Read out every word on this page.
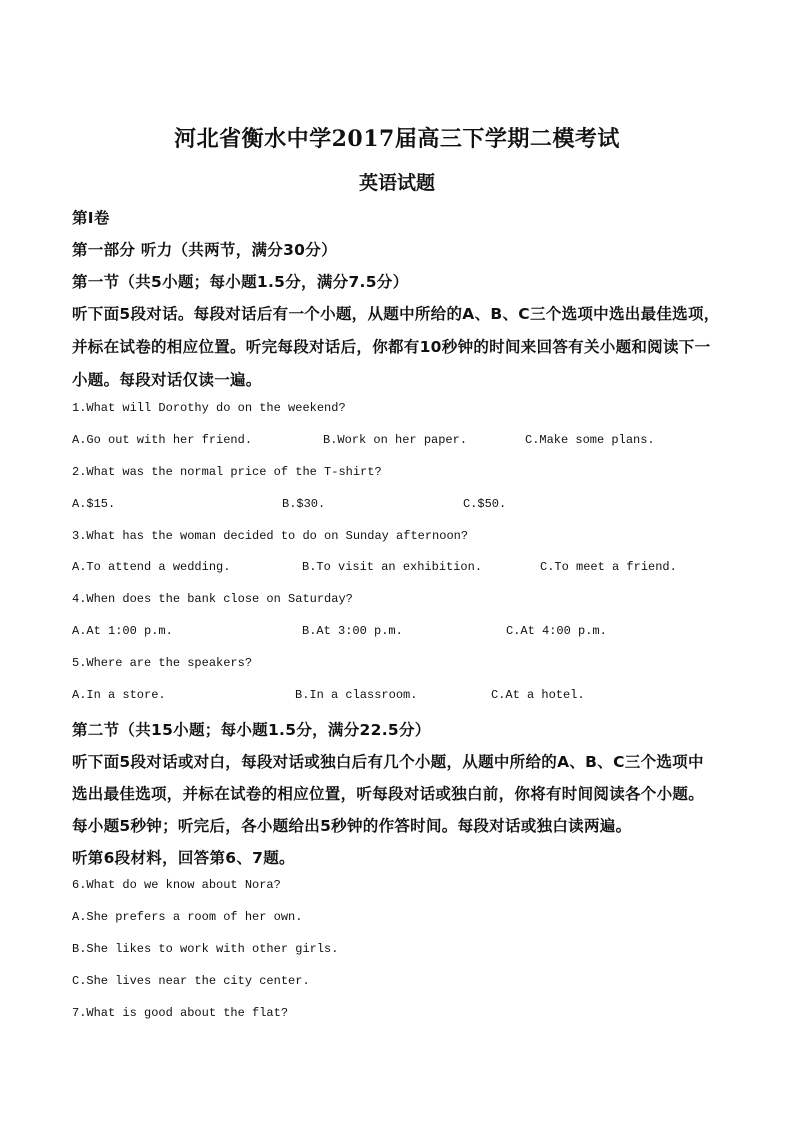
河北省衡水中学2017届高三下学期二模考试
英语试题
第Ⅰ卷
第一部分 听力（共两节，满分30分）
第一节（共5小题；每小题1.5分，满分7.5分）
听下面5段对话。每段对话后有一个小题，从题中所给的A、B、C三个选项中选出最佳选项，
并标在试卷的相应位置。听完每段对话后，你都有10秒钟的时间来回答有关小题和阅读下一
小题。每段对话仅读一遍。
1.What will Dorothy do on the weekend?
A.Go out with her friend.	B.Work on her paper.	C.Make some plans.
2.What was the normal price of the T-shirt?
A.$15.	B.$30.	C.$50.
3.What has the woman decided to do on Sunday afternoon?
A.To attend a wedding.	B.To visit an exhibition.	C.To meet a friend.
4.When does the bank close on Saturday?
A.At 1:00 p.m.	B.At 3:00 p.m.	C.At 4:00 p.m.
5.Where are the speakers?
A.In a store.	B.In a classroom.	C.At a hotel.
第二节（共15小题；每小题1.5分，满分22.5分）
听下面5段对话或对白，每段对话或独白后有几个小题，从题中所给的A、B、C三个选项中
选出最佳选项，并标在试卷的相应位置，听每段对话或独白前，你将有时间阅读各个小题。
每小题5秒钟；听完后，各小题给出5秒钟的作答时间。每段对话或独白读两遍。
听第6段材料，回答第6、7题。
6.What do we know about Nora?
A.She prefers a room of her own.
B.She likes to work with other girls.
C.She lives near the city center.
7.What is good about the flat?
